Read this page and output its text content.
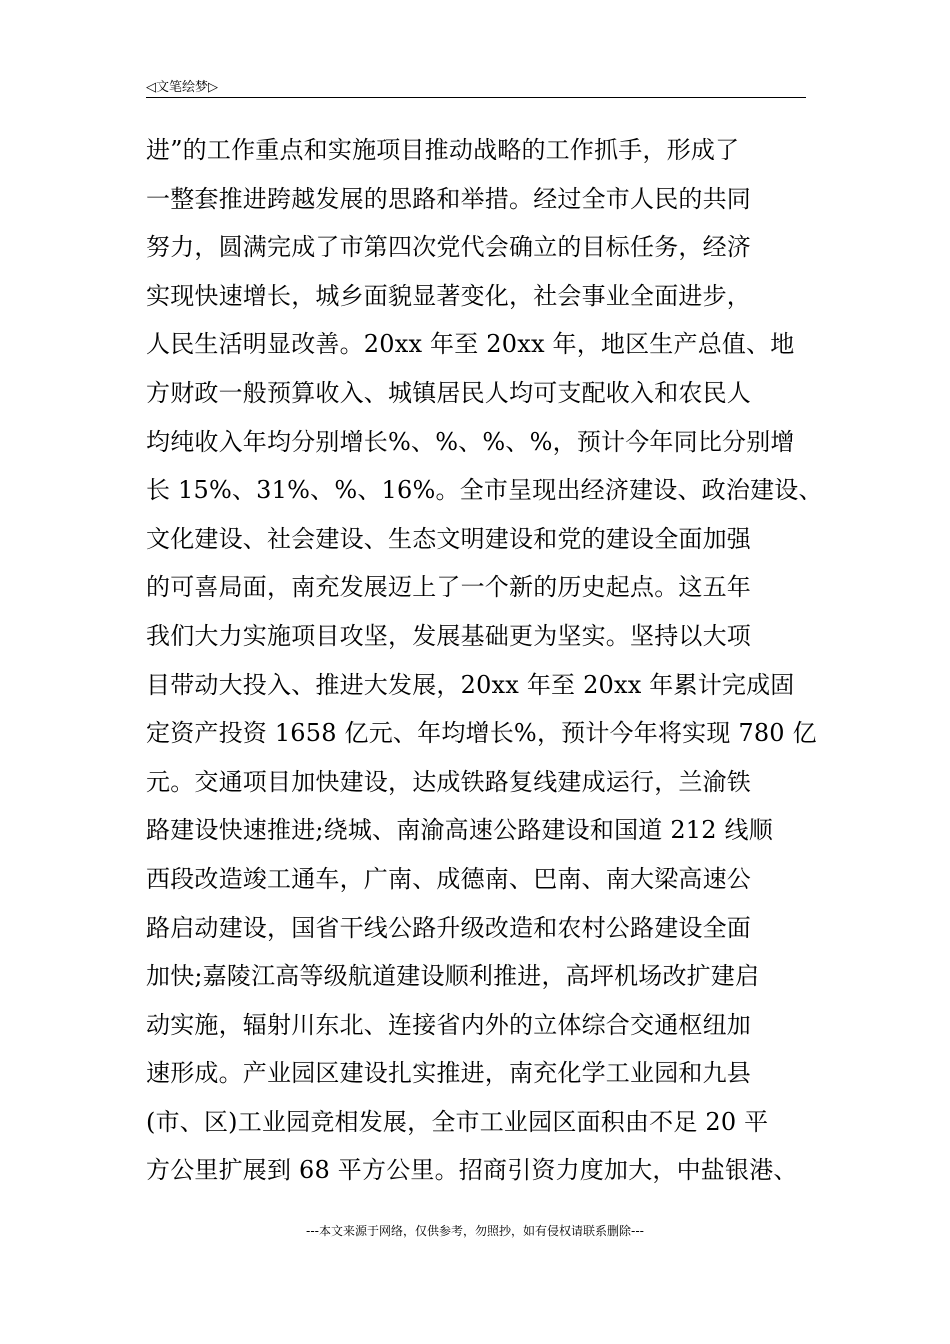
◁文笔绘梦▷
进”的工作重点和实施项目推动战略的工作抓手，形成了
一整套推进跨越发展的思路和举措。经过全市人民的共同
努力，圆满完成了市第四次党代会确立的目标任务，经济
实现快速增长，城乡面貌显著变化，社会事业全面进步，
人民生活明显改善。20xx 年至 20xx 年，地区生产总值、地
方财政一般预算收入、城镇居民人均可支配收入和农民人
均纯收入年均分别增长%、%、%、%，预计今年同比分别增
长 15%、31%、%、16%。全市呈现出经济建设、政治建设、
文化建设、社会建设、生态文明建设和党的建设全面加强
的可喜局面，南充发展迈上了一个新的历史起点。这五年
我们大力实施项目攻坚，发展基础更为坚实。坚持以大项
目带动大投入、推进大发展，20xx 年至 20xx 年累计完成固
定资产投资 1658 亿元、年均增长%，预计今年将实现 780 亿
元。交通项目加快建设，达成铁路复线建成运行，兰渝铁
路建设快速推进;绕城、南渝高速公路建设和国道 212 线顺
西段改造竣工通车，广南、成德南、巴南、南大梁高速公
路启动建设，国省干线公路升级改造和农村公路建设全面
加快;嘉陵江高等级航道建设顺利推进，高坪机场改扩建启
动实施，辐射川东北、连接省内外的立体综合交通枢纽加
速形成。产业园区建设扎实推进，南充化学工业园和九县
(市、区)工业园竞相发展，全市工业园区面积由不足 20 平
方公里扩展到 68 平方公里。招商引资力度加大，中盐银港、
---本文来源于网络，仅供参考，勿照抄，如有侵权请联系删除---
